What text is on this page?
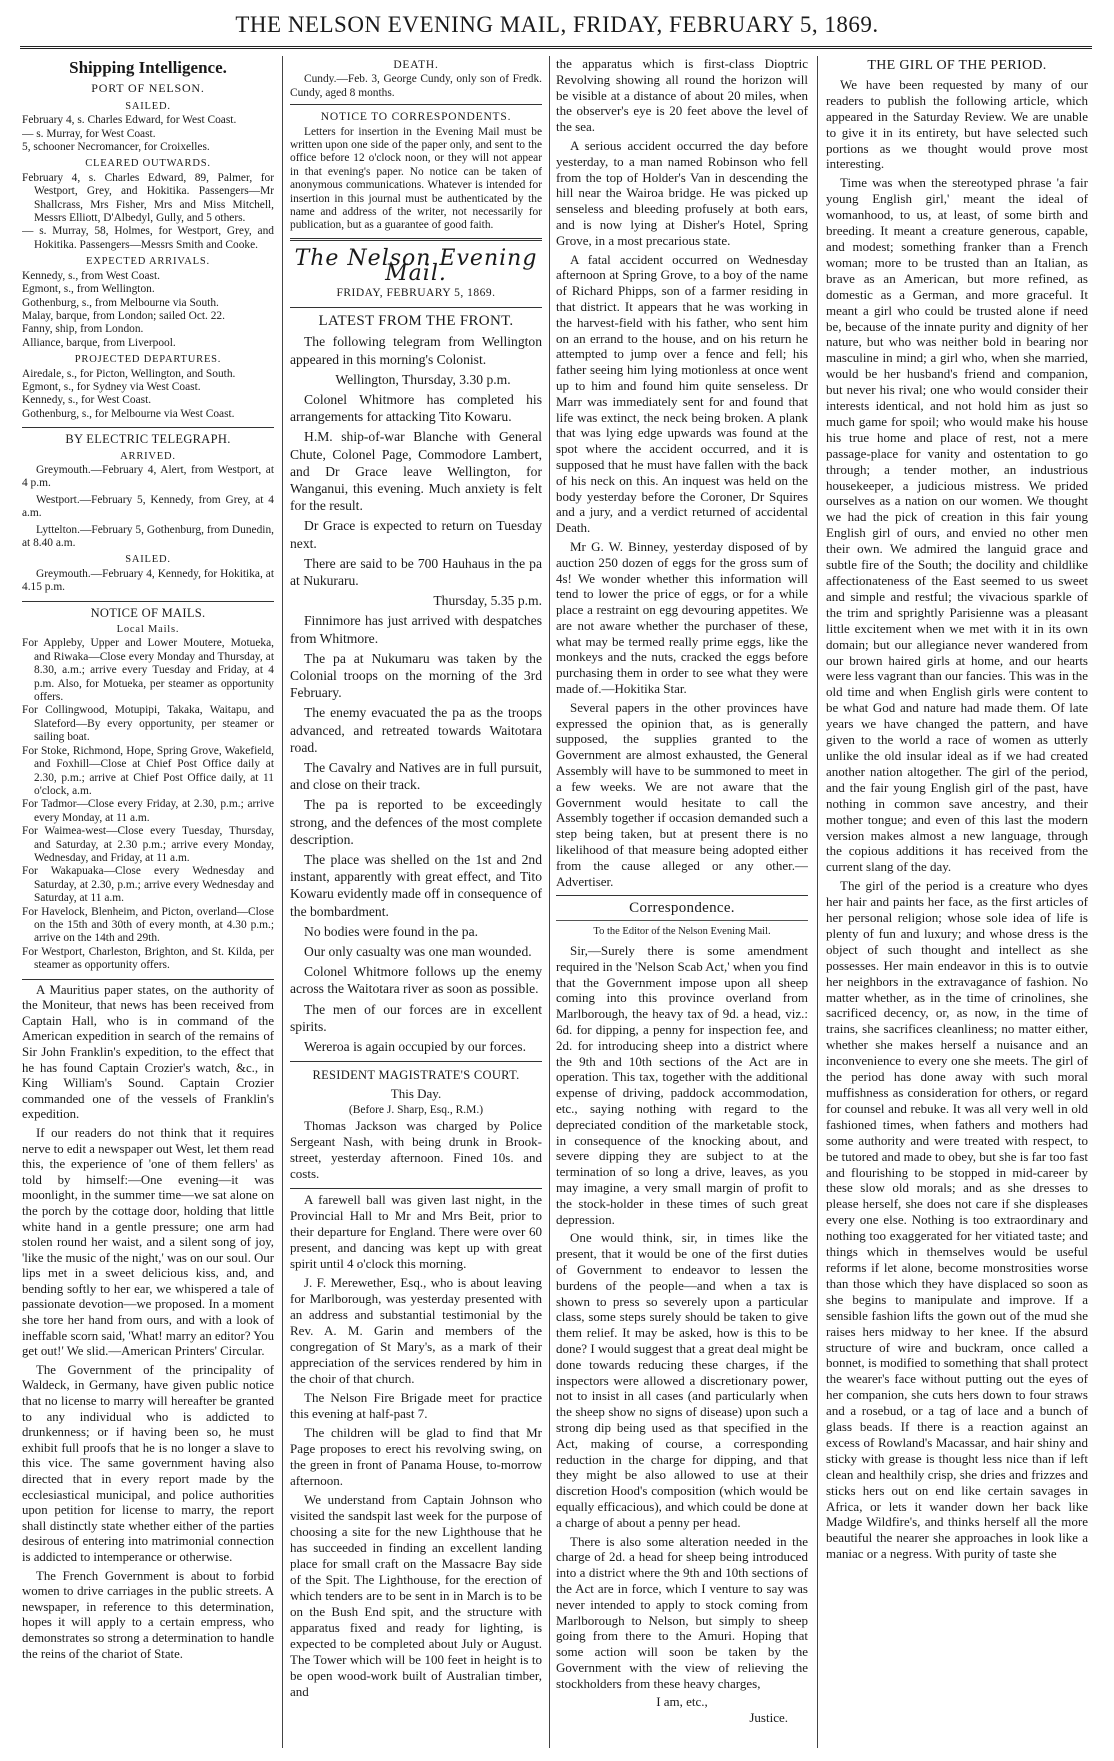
THE NELSON EVENING MAIL, FRIDAY, FEBRUARY 5, 1869.
Shipping Intelligence.
PORT OF NELSON.
SAILED.

February 4, s. Charles Edward, for West Coast.

— s. Murray, for West Coast.

5, schooner Necromancer, for Croixelles.

CLEARED OUTWARDS.

February 4, s. Charles Edward, 89, Palmer, for Westport, Grey, and Hokitika. Passengers—Mr Shallcrass, Mrs Fisher, Mrs and Miss Mitchell, Messrs Elliott, D'Albedyl, Gully, and 5 others.

— s. Murray, 58, Holmes, for Westport, Grey, and Hokitika. Passengers—Messrs Smith and Cooke.

EXPECTED ARRIVALS.

Kennedy, s., from West Coast.

Egmont, s., from Wellington.

Gothenburg, s., from Melbourne via South.

Malay, barque, from London; sailed Oct. 22.

Fanny, ship, from London.

Alliance, barque, from Liverpool.

PROJECTED DEPARTURES.

Airedale, s., for Picton, Wellington, and South.

Egmont, s., for Sydney via West Coast.

Kennedy, s., for West Coast.

Gothenburg, s., for Melbourne via West Coast.

BY ELECTRIC TELEGRAPH.
ARRIVED.

Greymouth.—February 4, Alert, from Westport, at 4 p.m.

Westport.—February 5, Kennedy, from Grey, at 4 a.m.

Lyttelton.—February 5, Gothenburg, from Dunedin, at 8.40 a.m.

SAILED.

Greymouth.—February 4, Kennedy, for Hokitika, at 4.15 p.m.

NOTICE OF MAILS.
Local Mails.

For Appleby, Upper and Lower Moutere, Motueka, and Riwaka—Close every Monday and Thursday, at 8.30, a.m.; arrive every Tuesday and Friday, at 4 p.m. Also, for Motueka, per steamer as opportunity offers.

For Collingwood, Motupipi, Takaka, Waitapu, and Slateford—By every opportunity, per steamer or sailing boat.

For Stoke, Richmond, Hope, Spring Grove, Wakefield, and Foxhill—Close at Chief Post Office daily at 2.30, p.m.; arrive at Chief Post Office daily, at 11 o'clock, a.m.

For Tadmor—Close every Friday, at 2.30, p.m.; arrive every Monday, at 11 a.m.

For Waimea-west—Close every Tuesday, Thursday, and Saturday, at 2.30 p.m.; arrive every Monday, Wednesday, and Friday, at 11 a.m.

For Wakapuaka—Close every Wednesday and Saturday, at 2.30, p.m.; arrive every Wednesday and Saturday, at 11 a.m.

For Havelock, Blenheim, and Picton, overland—Close on the 15th and 30th of every month, at 4.30 p.m.; arrive on the 14th and 29th.

For Westport, Charleston, Brighton, and St. Kilda, per steamer as opportunity offers.

A Mauritius paper states, on the authority of the Moniteur, that news has been received from Captain Hall, who is in command of the American expedition in search of the remains of Sir John Franklin's expedition, to the effect that he has found Captain Crozier's watch, &c., in King William's Sound. Captain Crozier commanded one of the vessels of Franklin's expedition.

If our readers do not think that it requires nerve to edit a newspaper out West, let them read this, the experience of 'one of them fellers' as told by himself:—One evening—it was moonlight, in the summer time—we sat alone on the porch by the cottage door, holding that little white hand in a gentle pressure; one arm had stolen round her waist, and a silent song of joy, 'like the music of the night,' was on our soul. Our lips met in a sweet delicious kiss, and, and bending softly to her ear, we whispered a tale of passionate devotion—we proposed. In a moment she tore her hand from ours, and with a look of ineffable scorn said, 'What! marry an editor? You get out!' We slid.—American Printers' Circular.

The Government of the principality of Waldeck, in Germany, have given public notice that no license to marry will hereafter be granted to any individual who is addicted to drunkenness; or if having been so, he must exhibit full proofs that he is no longer a slave to this vice. The same government having also directed that in every report made by the ecclesiastical municipal, and police authorities upon petition for license to marry, the report shall distinctly state whether either of the parties desirous of entering into matrimonial connection is addicted to intemperance or otherwise.

The French Government is about to forbid women to drive carriages in the public streets. A newspaper, in reference to this determination, hopes it will apply to a certain empress, who demonstrates so strong a determination to handle the reins of the chariot of State.

DEATH.

Cundy.—Feb. 3, George Cundy, only son of Fredk. Cundy, aged 8 months.

NOTICE TO CORRESPONDENTS.

Letters for insertion in the Evening Mail must be written upon one side of the paper only, and sent to the office before 12 o'clock noon, or they will not appear in that evening's paper. No notice can be taken of anonymous communications. Whatever is intended for insertion in this journal must be authenticated by the name and address of the writer, not necessarily for publication, but as a guarantee of good faith.

The Nelson Evening Mail.
FRIDAY, FEBRUARY 5, 1869.
LATEST FROM THE FRONT.

The following telegram from Wellington appeared in this morning's Colonist.

Wellington, Thursday, 3.30 p.m.

Colonel Whitmore has completed his arrangements for attacking Tito Kowaru.

H.M. ship-of-war Blanche with General Chute, Colonel Page, Commodore Lambert, and Dr Grace leave Wellington, for Wanganui, this evening. Much anxiety is felt for the result.

Dr Grace is expected to return on Tuesday next.

There are said to be 700 Hauhaus in the pa at Nukuraru.

Thursday, 5.35 p.m.

Finnimore has just arrived with despatches from Whitmore.

The pa at Nukumaru was taken by the Colonial troops on the morning of the 3rd February.

The enemy evacuated the pa as the troops advanced, and retreated towards Waitotara road.

The Cavalry and Natives are in full pursuit, and close on their track.

The pa is reported to be exceedingly strong, and the defences of the most complete description.

The place was shelled on the 1st and 2nd instant, apparently with great effect, and Tito Kowaru evidently made off in consequence of the bombardment.

No bodies were found in the pa.

Our only casualty was one man wounded.

Colonel Whitmore follows up the enemy across the Waitotara river as soon as possible.

The men of our forces are in excellent spirits.

Wereroa is again occupied by our forces.

RESIDENT MAGISTRATE'S COURT.
This Day.
(Before J. Sharp, Esq., R.M.)

Thomas Jackson was charged by Police Sergeant Nash, with being drunk in Brook-street, yesterday afternoon. Fined 10s. and costs.

A farewell ball was given last night, in the Provincial Hall to Mr and Mrs Beit, prior to their departure for England. There were over 60 present, and dancing was kept up with great spirit until 4 o'clock this morning.

J. F. Merewether, Esq., who is about leaving for Marlborough, was yesterday presented with an address and substantial testimonial by the Rev. A. M. Garin and members of the congregation of St Mary's, as a mark of their appreciation of the services rendered by him in the choir of that church.

The Nelson Fire Brigade meet for practice this evening at half-past 7.

The children will be glad to find that Mr Page proposes to erect his revolving swing, on the green in front of Panama House, to-morrow afternoon.

We understand from Captain Johnson who visited the sandspit last week for the purpose of choosing a site for the new Lighthouse that he has succeeded in finding an excellent landing place for small craft on the Massacre Bay side of the Spit. The Lighthouse, for the erection of which tenders are to be sent in in March is to be on the Bush End spit, and the structure with apparatus fixed and ready for lighting, is expected to be completed about July or August. The Tower which will be 100 feet in height is to be open wood-work built of Australian timber, and

the apparatus which is first-class Dioptric Revolving showing all round the horizon will be visible at a distance of about 20 miles, when the observer's eye is 20 feet above the level of the sea.

A serious accident occurred the day before yesterday, to a man named Robinson who fell from the top of Holder's Van in descending the hill near the Wairoa bridge. He was picked up senseless and bleeding profusely at both ears, and is now lying at Disher's Hotel, Spring Grove, in a most precarious state.

A fatal accident occurred on Wednesday afternoon at Spring Grove, to a boy of the name of Richard Phipps, son of a farmer residing in that district. It appears that he was working in the harvest-field with his father, who sent him on an errand to the house, and on his return he attempted to jump over a fence and fell; his father seeing him lying motionless at once went up to him and found him quite senseless. Dr Marr was immediately sent for and found that life was extinct, the neck being broken. A plank that was lying edge upwards was found at the spot where the accident occurred, and it is supposed that he must have fallen with the back of his neck on this. An inquest was held on the body yesterday before the Coroner, Dr Squires and a jury, and a verdict returned of accidental Death.

Mr G. W. Binney, yesterday disposed of by auction 250 dozen of eggs for the gross sum of 4s! We wonder whether this information will tend to lower the price of eggs, or for a while place a restraint on egg devouring appetites. We are not aware whether the purchaser of these, what may be termed really prime eggs, like the monkeys and the nuts, cracked the eggs before purchasing them in order to see what they were made of.—Hokitika Star.

Several papers in the other provinces have expressed the opinion that, as is generally supposed, the supplies granted to the Government are almost exhausted, the General Assembly will have to be summoned to meet in a few weeks. We are not aware that the Government would hesitate to call the Assembly together if occasion demanded such a step being taken, but at present there is no likelihood of that measure being adopted either from the cause alleged or any other.—Advertiser.

Correspondence.
To the Editor of the Nelson Evening Mail.

Sir,—Surely there is some amendment required in the 'Nelson Scab Act,' when you find that the Government impose upon all sheep coming into this province overland from Marlborough, the heavy tax of 9d. a head, viz.: 6d. for dipping, a penny for inspection fee, and 2d. for introducing sheep into a district where the 9th and 10th sections of the Act are in operation. This tax, together with the additional expense of driving, paddock accommodation, etc., saying nothing with regard to the depreciated condition of the marketable stock, in consequence of the knocking about, and severe dipping they are subject to at the termination of so long a drive, leaves, as you may imagine, a very small margin of profit to the stock-holder in these times of such great depression.

One would think, sir, in times like the present, that it would be one of the first duties of Government to endeavor to lessen the burdens of the people—and when a tax is shown to press so severely upon a particular class, some steps surely should be taken to give them relief. It may be asked, how is this to be done? I would suggest that a great deal might be done towards reducing these charges, if the inspectors were allowed a discretionary power, not to insist in all cases (and particularly when the sheep show no signs of disease) upon such a strong dip being used as that specified in the Act, making of course, a corresponding reduction in the charge for dipping, and that they might be also allowed to use at their discretion Hood's composition (which would be equally efficacious), and which could be done at a charge of about a penny per head.

There is also some alteration needed in the charge of 2d. a head for sheep being introduced into a district where the 9th and 10th sections of the Act are in force, which I venture to say was never intended to apply to stock coming from Marlborough to Nelson, but simply to sheep going from there to the Amuri. Hoping that some action will soon be taken by the Government with the view of relieving the stockholders from these heavy charges,

I am, etc.,

Justice.

THE GIRL OF THE PERIOD.

We have been requested by many of our readers to publish the following article, which appeared in the Saturday Review. We are unable to give it in its entirety, but have selected such portions as we thought would prove most interesting.

Time was when the stereotyped phrase 'a fair young English girl,' meant the ideal of womanhood, to us, at least, of some birth and breeding. It meant a creature generous, capable, and modest; something franker than a French woman; more to be trusted than an Italian, as brave as an American, but more refined, as domestic as a German, and more graceful. It meant a girl who could be trusted alone if need be, because of the innate purity and dignity of her nature, but who was neither bold in bearing nor masculine in mind; a girl who, when she married, would be her husband's friend and companion, but never his rival; one who would consider their interests identical, and not hold him as just so much game for spoil; who would make his house his true home and place of rest, not a mere passage-place for vanity and ostentation to go through; a tender mother, an industrious housekeeper, a judicious mistress. We prided ourselves as a nation on our women. We thought we had the pick of creation in this fair young English girl of ours, and envied no other men their own. We admired the languid grace and subtle fire of the South; the docility and childlike affectionateness of the East seemed to us sweet and simple and restful; the vivacious sparkle of the trim and sprightly Parisienne was a pleasant little excitement when we met with it in its own domain; but our allegiance never wandered from our brown haired girls at home, and our hearts were less vagrant than our fancies. This was in the old time and when English girls were content to be what God and nature had made them. Of late years we have changed the pattern, and have given to the world a race of women as utterly unlike the old insular ideal as if we had created another nation altogether. The girl of the period, and the fair young English girl of the past, have nothing in common save ancestry, and their mother tongue; and even of this last the modern version makes almost a new language, through the copious additions it has received from the current slang of the day.

The girl of the period is a creature who dyes her hair and paints her face, as the first articles of her personal religion; whose sole idea of life is plenty of fun and luxury; and whose dress is the object of such thought and intellect as she possesses. Her main endeavor in this is to outvie her neighbors in the extravagance of fashion. No matter whether, as in the time of crinolines, she sacrificed decency, or, as now, in the time of trains, she sacrifices cleanliness; no matter either, whether she makes herself a nuisance and an inconvenience to every one she meets. The girl of the period has done away with such moral muffishness as consideration for others, or regard for counsel and rebuke. It was all very well in old fashioned times, when fathers and mothers had some authority and were treated with respect, to be tutored and made to obey, but she is far too fast and flourishing to be stopped in mid-career by these slow old morals; and as she dresses to please herself, she does not care if she displeases every one else. Nothing is too extraordinary and nothing too exaggerated for her vitiated taste; and things which in themselves would be useful reforms if let alone, become monstrosities worse than those which they have displaced so soon as she begins to manipulate and improve. If a sensible fashion lifts the gown out of the mud she raises hers midway to her knee. If the absurd structure of wire and buckram, once called a bonnet, is modified to something that shall protect the wearer's face without putting out the eyes of her companion, she cuts hers down to four straws and a rosebud, or a tag of lace and a bunch of glass beads. If there is a reaction against an excess of Rowland's Macassar, and hair shiny and sticky with grease is thought less nice than if left clean and healthily crisp, she dries and frizzes and sticks hers out on end like certain savages in Africa, or lets it wander down her back like Madge Wildfire's, and thinks herself all the more beautiful the nearer she approaches in look like a maniac or a negress. With purity of taste she
